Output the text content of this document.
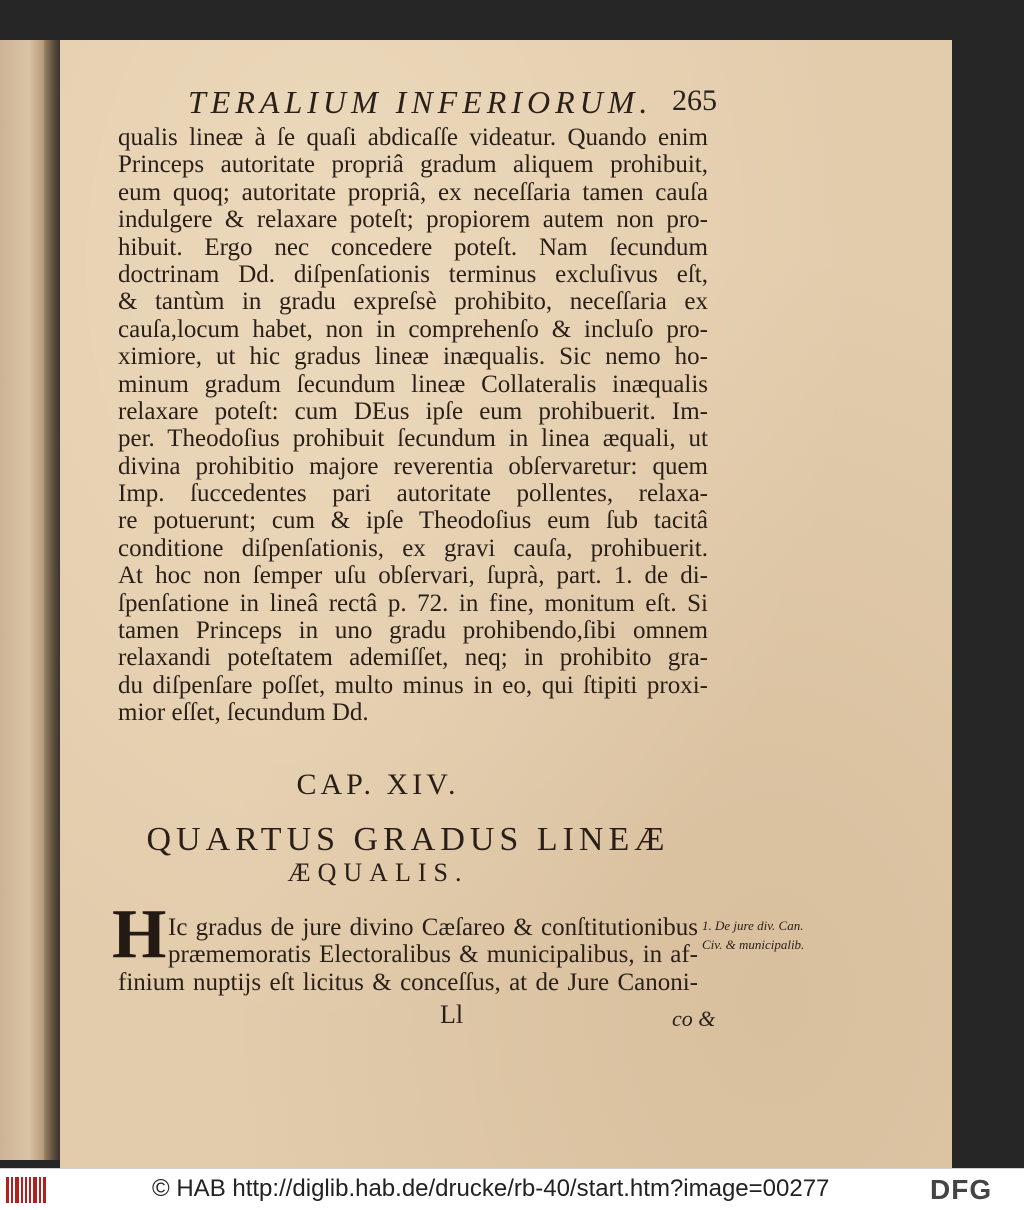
TERALIUM INFERIORUM. 265
qualis lineæ à ſe quaſi abdicaſſe videatur. Quando enim
Princeps autoritate propriâ gradum aliquem prohibuit,
eum quoq; autoritate propriâ, ex neceſſaria tamen cauſa
indulgere & relaxare poteſt; propiorem autem non pro-
hibuit. Ergo nec concedere poteſt. Nam ſecundum
doctrinam Dd. diſpenſationis terminus excluſivus eſt,
& tantùm in gradu expreſsè prohibito, neceſſaria ex
cauſa,locum habet, non in comprehenſo & incluſo pro-
ximiore, ut hic gradus lineæ inæqualis. Sic nemo ho-
minum gradum ſecundum lineæ Collateralis inæqualis
relaxare poteſt: cum DEus ipſe eum prohibuerit. Im-
per. Theodoſius prohibuit ſecundum in linea æquali, ut
divina prohibitio majore reverentia obſervaretur: quem
Imp. ſuccedentes pari autoritate pollentes, relaxa-
re potuerunt; cum & ipſe Theodoſius eum ſub tacitâ
conditione diſpenſationis, ex gravi cauſa, prohibuerit.
At hoc non ſemper uſu obſervari, ſuprà, part. 1. de di-
ſpenſatione in lineâ rectâ p. 72. in fine, monitum eſt. Si
tamen Princeps in uno gradu prohibendo,ſibi omnem
relaxandi poteſtatem ademiſſet, neq; in prohibito gra-
du diſpenſare poſſet, multo minus in eo, qui ſtipiti proxi-
mior eſſet, ſecundum Dd.
CAP. XIV.
QUARTUS GRADUS LINEÆ
ÆQUALIS.
H Ic gradus de jure divino Cæſareo & conſtitutionibus
præmemoratis Electoralibus & municipalibus, in af-
finium nuptijs eſt licitus & conceſſus, at de Jure Canoni-
1. De jure div. Can. Civ. & municipalib.
Ll	co &
© HAB http://diglib.hab.de/drucke/rb-40/start.htm?image=00277	DFG
